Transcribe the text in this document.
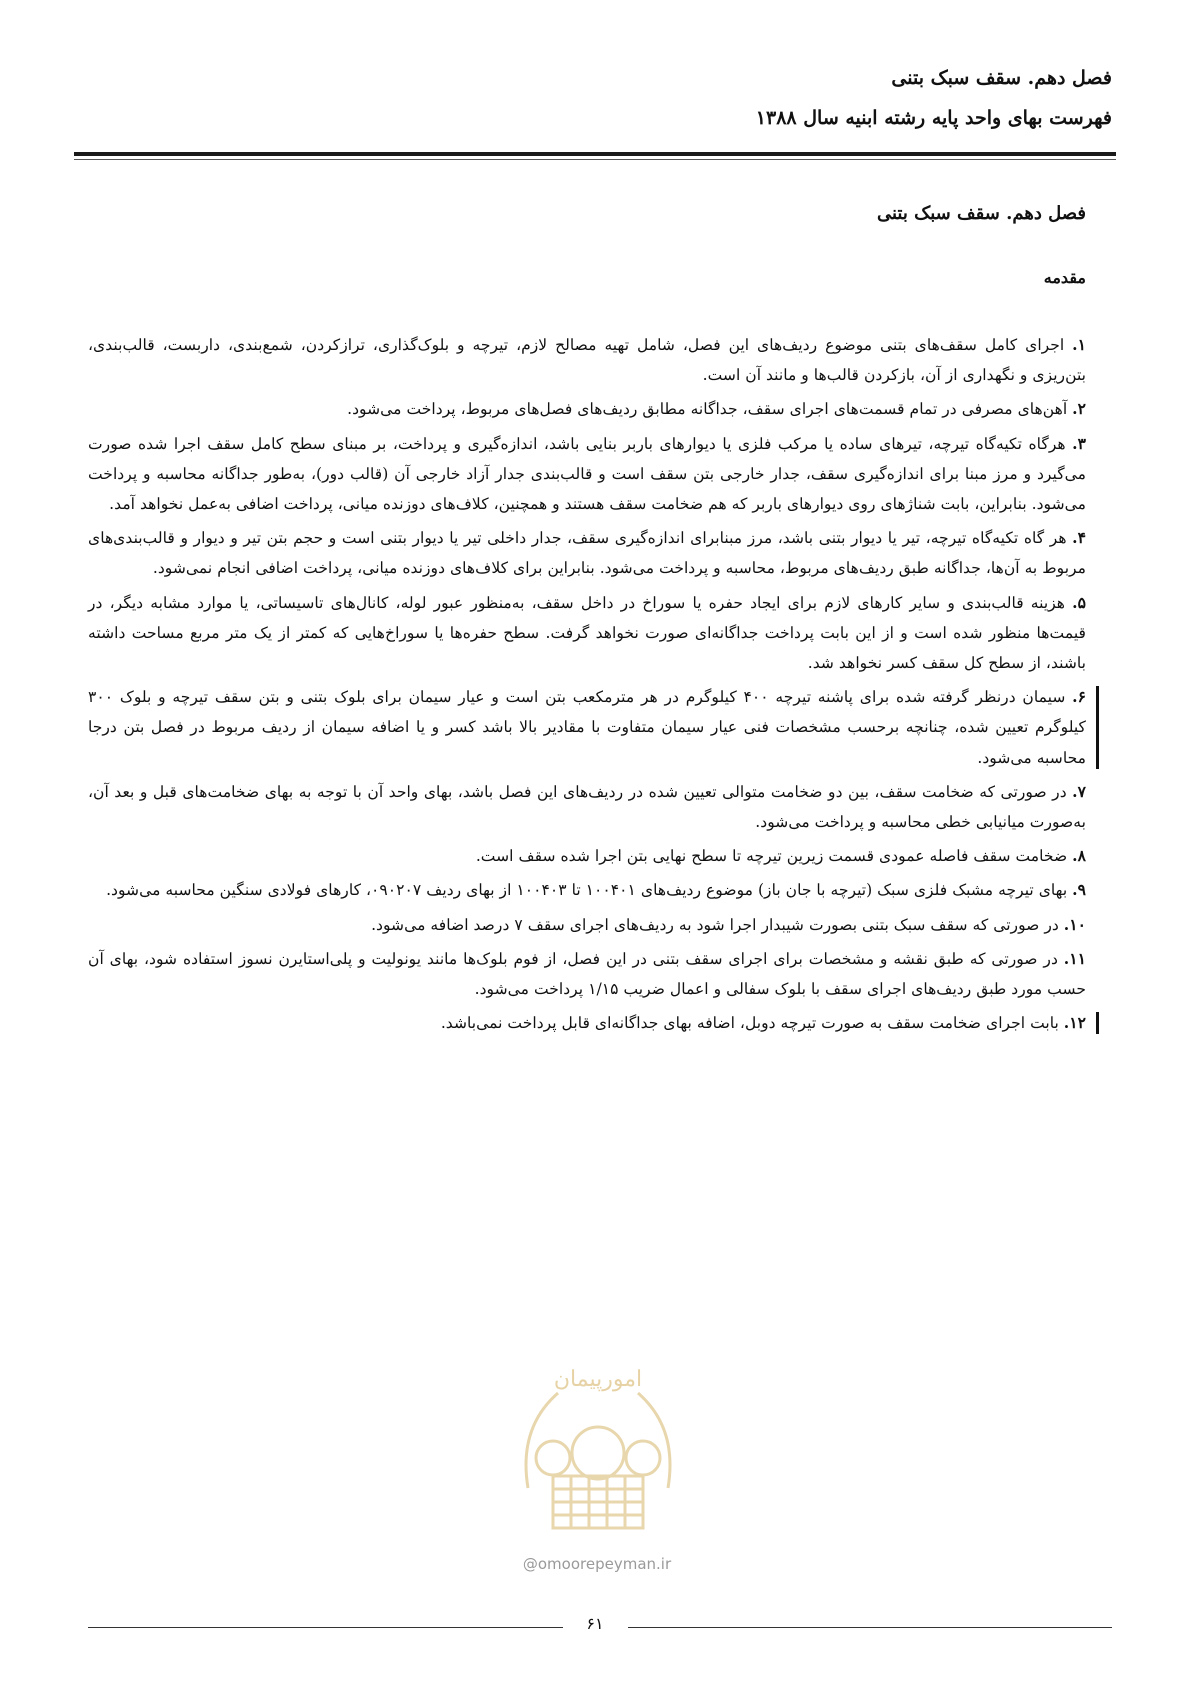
فصل دهم. سقف سبک بتنی

فهرست بهای واحد پایه رشته ابنیه سال ۱۳۸۸

فصل دهم. سقف سبک بتنی
مقدمه

۱. اجرای کامل سقف‌های بتنی موضوع ردیف‌های این فصل، شامل تهیه مصالح لازم، تیرچه و بلوک‌گذاری، ترازکردن، شمع‌بندی، داربست، قالب‌بندی، بتن‌ریزی و نگهداری از آن، بازکردن قالب‌ها و مانند آن است.

۲. آهن‌های مصرفی در تمام قسمت‌های اجرای سقف، جداگانه مطابق ردیف‌های فصل‌های مربوط، پرداخت می‌شود.

۳. هرگاه تکیه‌گاه تیرچه، تیرهای ساده یا مرکب فلزی یا دیوارهای باربر بنایی باشد، اندازه‌گیری و پرداخت، بر مبنای سطح کامل سقف اجرا شده صورت می‌گیرد و مرز مبنا برای اندازه‌گیری سقف، جدار خارجی بتن سقف است و قالب‌بندی جدار آزاد خارجی آن (قالب دور)، به‌طور جداگانه محاسبه و پرداخت می‌شود. بنابراین، بابت شناژهای روی دیوارهای باربر که هم ضخامت سقف هستند و همچنین، کلاف‌های دوزنده میانی، پرداخت اضافی به‌عمل نخواهد آمد.

۴. هر گاه تکیه‌گاه تیرچه، تیر یا دیوار بتنی باشد، مرز مبنابرای اندازه‌گیری سقف، جدار داخلی تیر یا دیوار بتنی است و حجم بتن تیر و دیوار و قالب‌بندی‌های مربوط به آن‌ها، جداگانه طبق ردیف‌های مربوط، محاسبه و پرداخت می‌شود. بنابراین برای کلاف‌های دوزنده میانی، پرداخت اضافی انجام نمی‌شود.

۵. هزینه قالب‌بندی و سایر کارهای لازم برای ایجاد حفره یا سوراخ در داخل سقف، به‌منظور عبور لوله، کانال‌های تاسیساتی، یا موارد مشابه دیگر، در قیمت‌ها منظور شده است و از این بابت پرداخت جداگانه‌ای صورت نخواهد گرفت. سطح حفره‌ها یا سوراخ‌هایی که کمتر از یک متر مربع مساحت داشته باشند، از سطح کل سقف کسر نخواهد شد.

۶. سیمان درنظر گرفته شده برای پاشنه تیرچه ۴۰۰ کیلوگرم در هر مترمکعب بتن است و عیار سیمان برای بلوک بتنی و بتن سقف تیرچه و بلوک ۳۰۰ کیلوگرم تعیین شده، چنانچه برحسب مشخصات فنی عیار سیمان متفاوت با مقادیر بالا باشد کسر و یا اضافه سیمان از ردیف مربوط در فصل بتن درجا محاسبه می‌شود.

۷. در صورتی که ضخامت سقف، بین دو ضخامت متوالی تعیین شده در ردیف‌های این فصل باشد، بهای واحد آن با توجه به بهای ضخامت‌های قبل و بعد آن، به‌صورت میانیابی خطی محاسبه و پرداخت می‌شود.

۸. ضخامت سقف فاصله عمودی قسمت زیرین تیرچه تا سطح نهایی بتن اجرا شده سقف است.

۹. بهای تیرچه مشبک فلزی سبک (تیرچه با جان باز) موضوع ردیف‌های ۱۰۰۴۰۱ تا ۱۰۰۴۰۳ از بهای ردیف ۰۹۰۲۰۷، کارهای فولادی سنگین محاسبه می‌شود.

۱۰. در صورتی که سقف سبک بتنی بصورت شیبدار اجرا شود به ردیف‌های اجرای سقف ۷ درصد اضافه می‌شود.

۱۱. در صورتی که طبق نقشه و مشخصات برای اجرای سقف بتنی در این فصل، از فوم بلوک‌ها مانند یونولیت و پلی‌استایرن نسوز استفاده شود، بهای آن حسب مورد طبق ردیف‌های اجرای سقف با بلوک سفالی و اعمال ضریب ۱/۱۵ پرداخت می‌شود.

۱۲. بابت اجرای ضخامت سقف به صورت تیرچه دوبل، اضافه بهای جداگانه‌ای قابل پرداخت نمی‌باشد.

امورپیمان
@omoorepeyman.ir
۶۱
